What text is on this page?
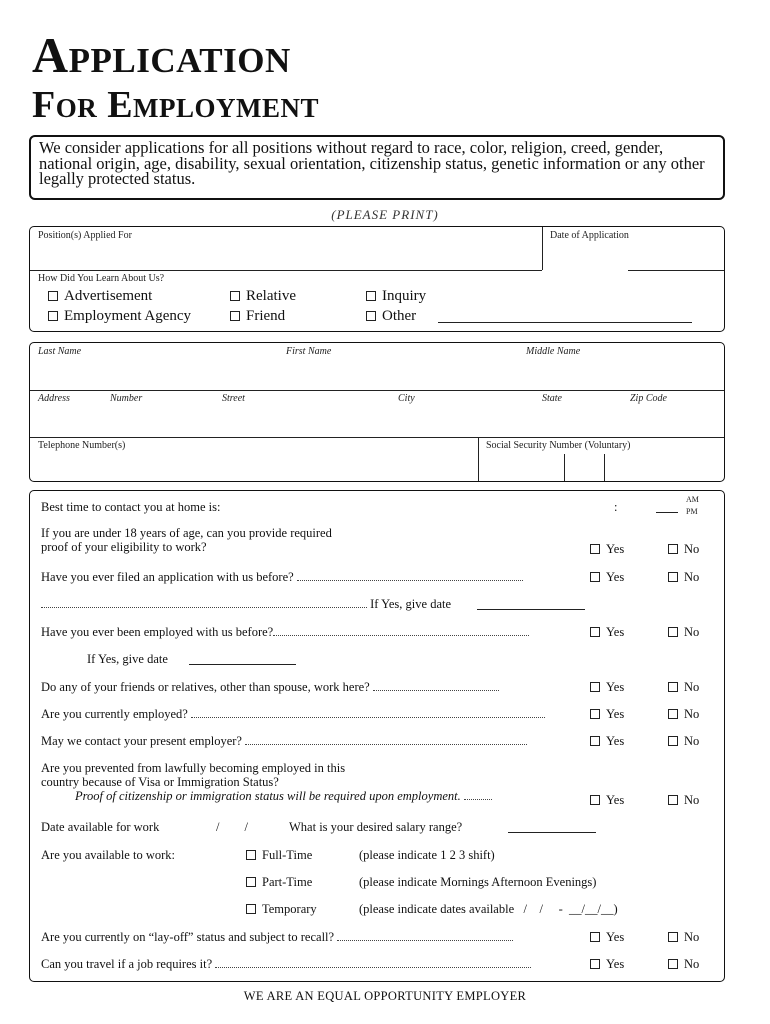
Application
For Employment
We consider applications for all positions without regard to race, color, religion, creed, gender, national origin, age, disability, sexual orientation, citizenship status, genetic information or any other legally protected status.
(PLEASE PRINT)
Position(s) Applied For	Date of Application
How Did You Learn About Us?
Advertisement	Relative	Inquiry
Employment Agency	Friend	Other
Last Name	First Name	Middle Name
Address	Number	Street	City	State	Zip Code
Telephone Number(s)	Social Security Number (Voluntary)
Best time to contact you at home is:	:
AM
PM
If you are under 18 years of age, can you provide required
proof of your eligibility to work?	Yes	No
Have you ever filed an application with us before?	Yes	No
If Yes, give date
Have you ever been employed with us before?	Yes	No
If Yes, give date
Do any of your friends or relatives, other than spouse, work here?	Yes	No
Are you currently employed?	Yes	No
May we contact your present employer?	Yes	No
Are you prevented from lawfully becoming employed in this
country because of Visa or Immigration Status?
Proof of citizenship or immigration status will be required upon employment.	Yes	No
Date available for work	/        /	What is your desired salary range?
Are you available to work:	Full-Time	(please indicate 1 2 3 shift)
Part-Time	(please indicate Mornings Afternoon Evenings)
Temporary	(please indicate dates available   /    /     -  __/__/__)
Are you currently on “lay-off” status and subject to recall?	Yes	No
Can you travel if a job requires it?	Yes	No
WE ARE AN EQUAL OPPORTUNITY EMPLOYER
